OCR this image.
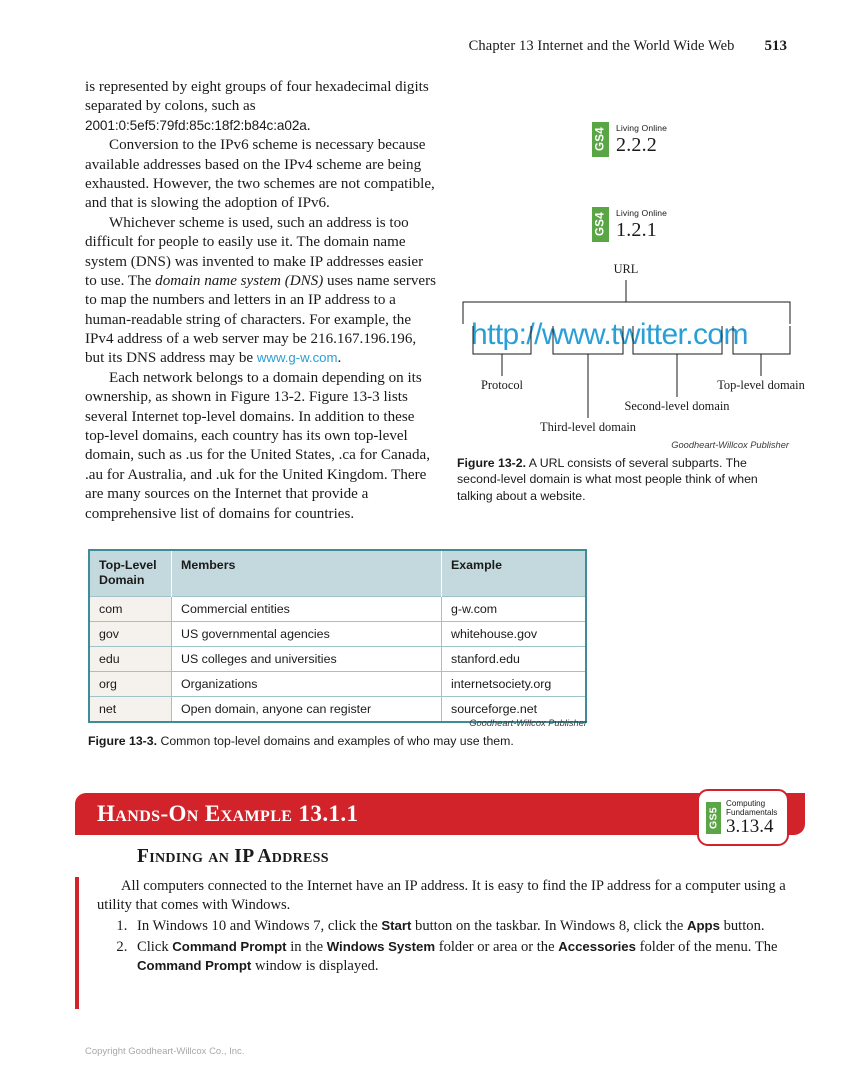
Chapter 13 Internet and the World Wide Web 513

is represented by eight groups of four hexadecimal digits separated by colons, such as 2001:0:5ef5:79fd:85c:18f2:b84c:a02a.

Conversion to the IPv6 scheme is necessary because available addresses based on the IPv4 scheme are being exhausted. However, the two schemes are not compatible, and that is slowing the adoption of IPv6.

Whichever scheme is used, such an address is too difficult for people to easily use it. The domain name system (DNS) was invented to make IP addresses easier to use. The domain name system (DNS) uses name servers to map the numbers and letters in an IP address to a human-readable string of characters. For example, the IPv4 address of a web server may be 216.167.196.196, but its DNS address may be www.g-w.com.

Each network belongs to a domain depending on its ownership, as shown in Figure 13-2. Figure 13-3 lists several Internet top-level domains. In addition to these top-level domains, each country has its own top-level domain, such as .us for the United States, .ca for Canada, .au for Australia, and .uk for the United Kingdom. There are many sources on the Internet that provide a comprehensive list of domains for countries.

GS4 Living Online
2.2.2
GS4 Living Online
1.2.1
URL
http://www.twitter.com
Protocol
Third-level domain
Second-level domain
Top-level domain
Goodheart-Willcox Publisher
Figure 13-2. A URL consists of several subparts. The second-level domain is what most people think of when talking about a website.
Top-Level Domain	Members	Example
com	Commercial entities	g-w.com
gov	US governmental agencies	whitehouse.gov
edu	US colleges and universities	stanford.edu
org	Organizations	internetsociety.org
net	Open domain, anyone can register	sourceforge.net
Goodheart-Willcox Publisher
Figure 13-3. Common top-level domains and examples of who may use them.
Hands-On Example 13.1.1	GS5
Computing
Fundamentals
3.13.4
Finding an IP Address

All computers connected to the Internet have an IP address. It is easy to find the IP address for a computer using a utility that comes with Windows.

1. In Windows 10 and Windows 7, click the Start button on the taskbar. In Windows 8, click the Apps button.
2. Click Command Prompt in the Windows System folder or area or the Accessories folder of the menu. The Command Prompt window is displayed.
Copyright Goodheart-Willcox Co., Inc.
